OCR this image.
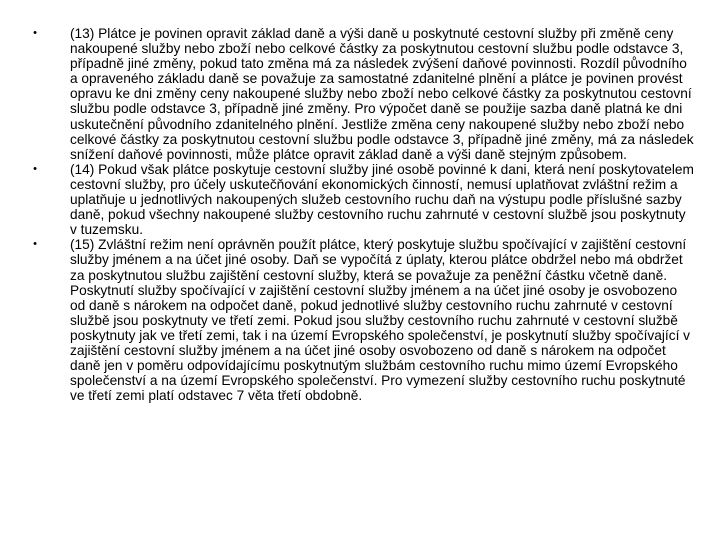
• (13) Plátce je povinen opravit základ daně a výši daně u poskytnuté cestovní služby při změně ceny nakoupené služby nebo zboží nebo celkové částky za poskytnutou cestovní službu podle odstavce 3, případně jiné změny, pokud tato změna má za následek zvýšení daňové povinnosti. Rozdíl původního a opraveného základu daně se považuje za samostatné zdanitelné plnění a plátce je povinen provést opravu ke dni změny ceny nakoupené služby nebo zboží nebo celkové částky za poskytnutou cestovní službu podle odstavce 3, případně jiné změny. Pro výpočet daně se použije sazba daně platná ke dni uskutečnění původního zdanitelného plnění. Jestliže změna ceny nakoupené služby nebo zboží nebo celkové částky za poskytnutou cestovní službu podle odstavce 3, případně jiné změny, má za následek snížení daňové povinnosti, může plátce opravit základ daně a výši daně stejným způsobem.
• (14) Pokud však plátce poskytuje cestovní služby jiné osobě povinné k dani, která není poskytovatelem cestovní služby, pro účely uskutečňování ekonomických činností, nemusí uplatňovat zvláštní režim a uplatňuje u jednotlivých nakoupených služeb cestovního ruchu daň na výstupu podle příslušné sazby daně, pokud všechny nakoupené služby cestovního ruchu zahrnuté v cestovní službě jsou poskytnuty v tuzemsku.
• (15) Zvláštní režim není oprávněn použít plátce, který poskytuje službu spočívající v zajištění cestovní služby jménem a na účet jiné osoby. Daň se vypočítá z úplaty, kterou plátce obdržel nebo má obdržet za poskytnutou službu zajištění cestovní služby, která se považuje za peněžní částku včetně daně. Poskytnutí služby spočívající v zajištění cestovní služby jménem a na účet jiné osoby je osvobozeno od daně s nárokem na odpočet daně, pokud jednotlivé služby cestovního ruchu zahrnuté v cestovní službě jsou poskytnuty ve třetí zemi. Pokud jsou služby cestovního ruchu zahrnuté v cestovní službě poskytnuty jak ve třetí zemi, tak i na území Evropského společenství, je poskytnutí služby spočívající v zajištění cestovní služby jménem a na účet jiné osoby osvobozeno od daně s nárokem na odpočet daně jen v poměru odpovídajícímu poskytnutým službám cestovního ruchu mimo území Evropského společenství a na území Evropského společenství. Pro vymezení služby cestovního ruchu poskytnuté ve třetí zemi platí odstavec 7 věta třetí obdobně.
